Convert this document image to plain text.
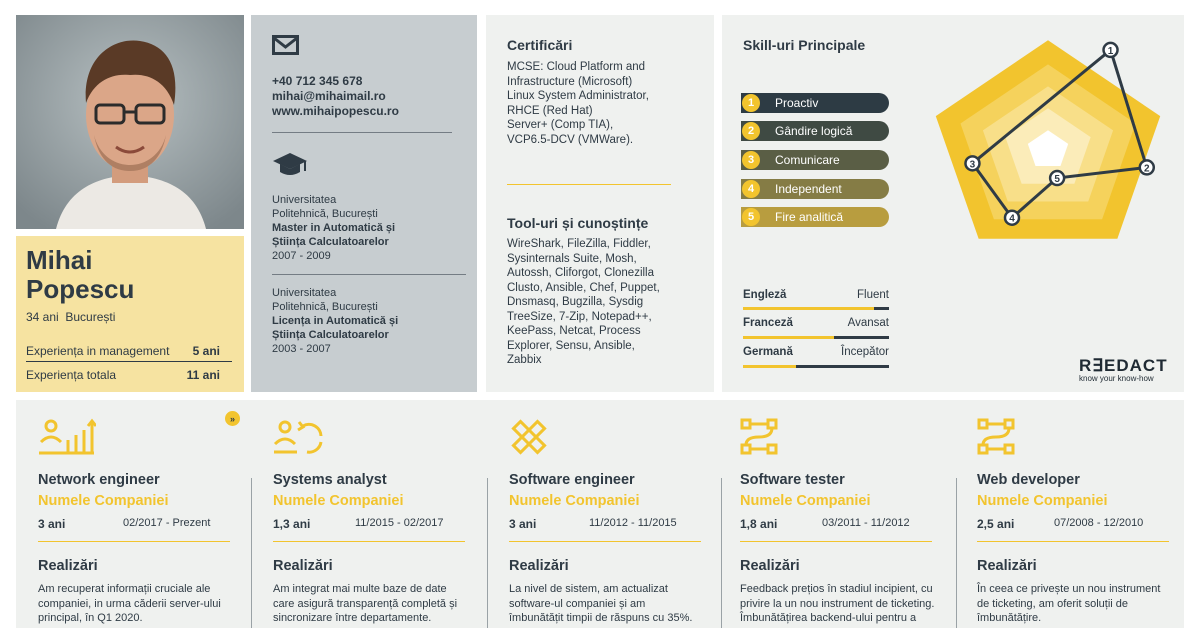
Mihai
Popescu
34 ani București
Experiența in management 5 ani
Experiența totala	11 ani
+40 712 345 678
mihai@mihaimail.ro
www.mihaipopescu.ro
Universitatea
Politehnică, București
Master in Automatică și
Știința Calculatoarelor
2007 - 2009
Universitatea
Politehnică, București
Licența in Automatică și
Știința Calculatoarelor
2003 - 2007
Certificări
MCSE: Cloud Platform and
Infrastructure (Microsoft)
Linux System Administrator,
RHCE (Red Hat)
Server+ (Comp TIA),
VCP6.5-DCV (VMWare).
Tool-uri și cunoștințe
WireShark, FileZilla, Fiddler,
Sysinternals Suite, Mosh,
Autossh, Cliforgot, Clonezilla
Clusto, Ansible, Chef, Puppet,
Dnsmasq, Bugzilla, Sysdig
TreeSize, 7-Zip, Notepad++,
KeePass, Netcat, Process
Explorer, Sensu, Ansible,
Zabbix
Skill-uri Principale
1	Proactiv
2	Gândire logică
3	Comunicare
4	Independent
5	Fire analitică
1
2
3
4
5
Engleză	Fluent
Franceză	Avansat
Germană	Începător
R∃EDACT
know your know-how
»
Network engineer
Numele Companiei
3 ani	02/2017 - Prezent
Realizări
Am recuperat informații cruciale ale
companiei, in urma căderii server-ului
principal, în Q1 2020.
Systems analyst
Numele Companiei
1,3 ani	11/2015 - 02/2017
Realizări
Am integrat mai multe baze de date
care asigură transparență completă și
sincronizare între departamente.
Software engineer
Numele Companiei
3 ani	11/2012 - 11/2015
Realizări
La nivel de sistem, am actualizat
software-ul companiei și am
îmbunătățit timpii de răspuns cu 35%.
Software tester
Numele Companiei
1,8 ani	03/2011 - 11/2012
Realizări
Feedback prețios în stadiul incipient, cu
privire la un nou instrument de ticketing.
Îmbunătățirea backend-ului pentru a
Web developer
Numele Companiei
2,5 ani	07/2008 - 12/2010
Realizări
În ceea ce privește un nou instrument
de ticketing, am oferit soluții de
îmbunătățire.
